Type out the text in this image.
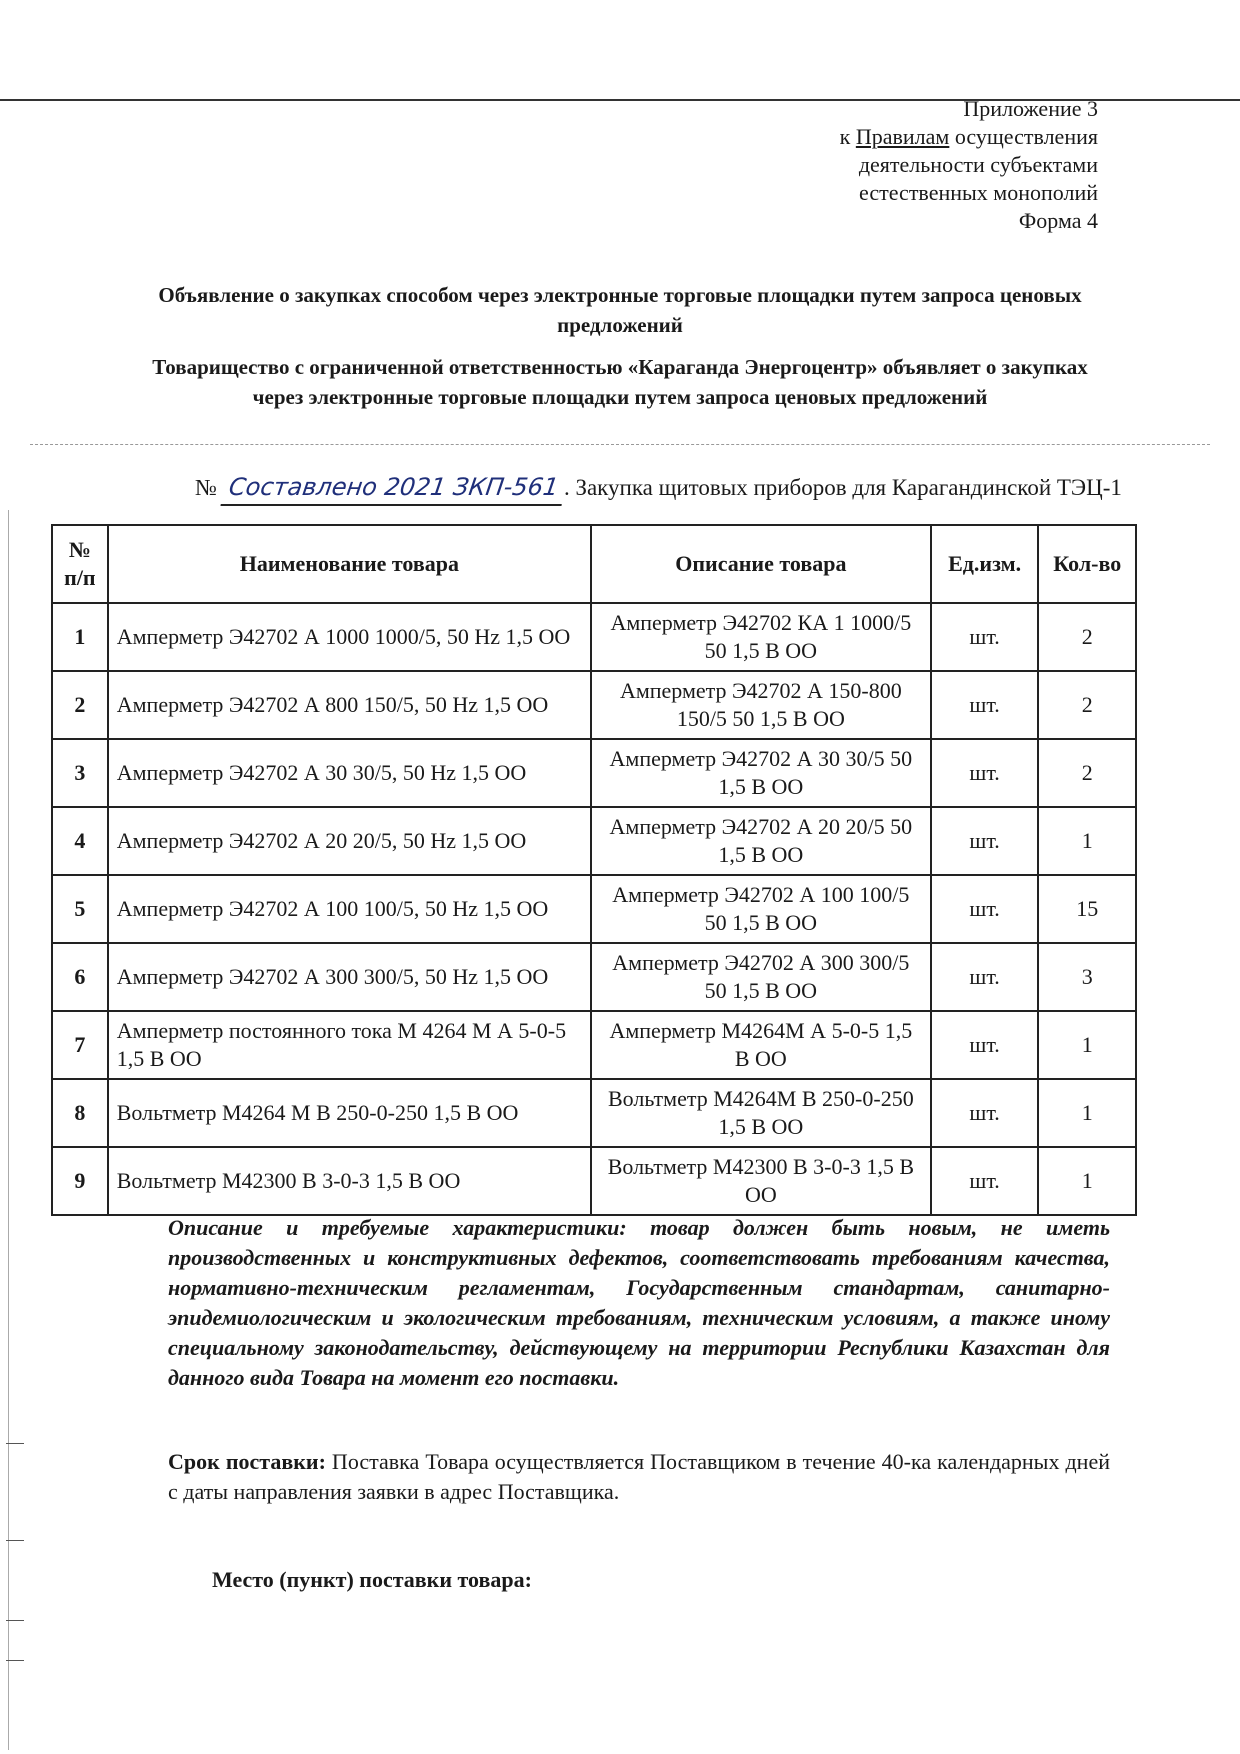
Приложение 3
к Правилам осуществления
деятельности субъектами
естественных монополий
Форма 4
Объявление о закупках способом через электронные торговые площадки путем запроса ценовых предложений
Товарищество с ограниченной ответственностью «Караганда Энергоцентр» объявляет о закупках через электронные торговые площадки путем запроса ценовых предложений
№ Составлено 2021 ЗКП-561 . Закупка щитовых приборов для Карагандинской ТЭЦ-1
№ п/п	Наименование товара	Описание товара	Ед.изм.	Кол-во
1	Амперметр Э42702 А 1000 1000/5, 50 Hz 1,5 ОО	Амперметр Э42702 КА 1 1000/5 50 1,5 В ОО	шт.	2
2	Амперметр Э42702 А 800 150/5, 50 Hz 1,5 ОО	Амперметр Э42702 А 150-800 150/5 50 1,5 В ОО	шт.	2
3	Амперметр Э42702 А 30 30/5, 50 Hz 1,5 ОО	Амперметр Э42702 А 30 30/5 50 1,5 В ОО	шт.	2
4	Амперметр Э42702 А 20 20/5, 50 Hz 1,5 ОО	Амперметр Э42702 А 20 20/5 50 1,5 В ОО	шт.	1
5	Амперметр Э42702 А 100 100/5, 50 Hz 1,5 ОО	Амперметр Э42702 А 100 100/5 50 1,5 В ОО	шт.	15
6	Амперметр Э42702 А 300 300/5, 50 Hz 1,5 ОО	Амперметр Э42702 А 300 300/5 50 1,5 В ОО	шт.	3
7	Амперметр постоянного тока М 4264 М А 5-0-5 1,5 В ОО	Амперметр М4264М А 5-0-5 1,5 В ОО	шт.	1
8	Вольтметр М4264 М В 250-0-250 1,5 В ОО	Вольтметр М4264М В 250-0-250 1,5 В ОО	шт.	1
9	Вольтметр М42300 В 3-0-3 1,5 В ОО	Вольтметр М42300 В 3-0-3 1,5 В ОО	шт.	1
Описание и требуемые характеристики: товар должен быть новым, не иметь производственных и конструктивных дефектов, соответствовать требованиям качества, нормативно-техническим регламентам, Государственным стандартам, санитарно-эпидемиологическим и экологическим требованиям, техническим условиям, а также иному специальному законодательству, действующему на территории Республики Казахстан для данного вида Товара на момент его поставки.
Срок поставки: Поставка Товара осуществляется Поставщиком в течение 40-ка календарных дней с даты направления заявки в адрес Поставщика.
Место (пункт) поставки товара:
